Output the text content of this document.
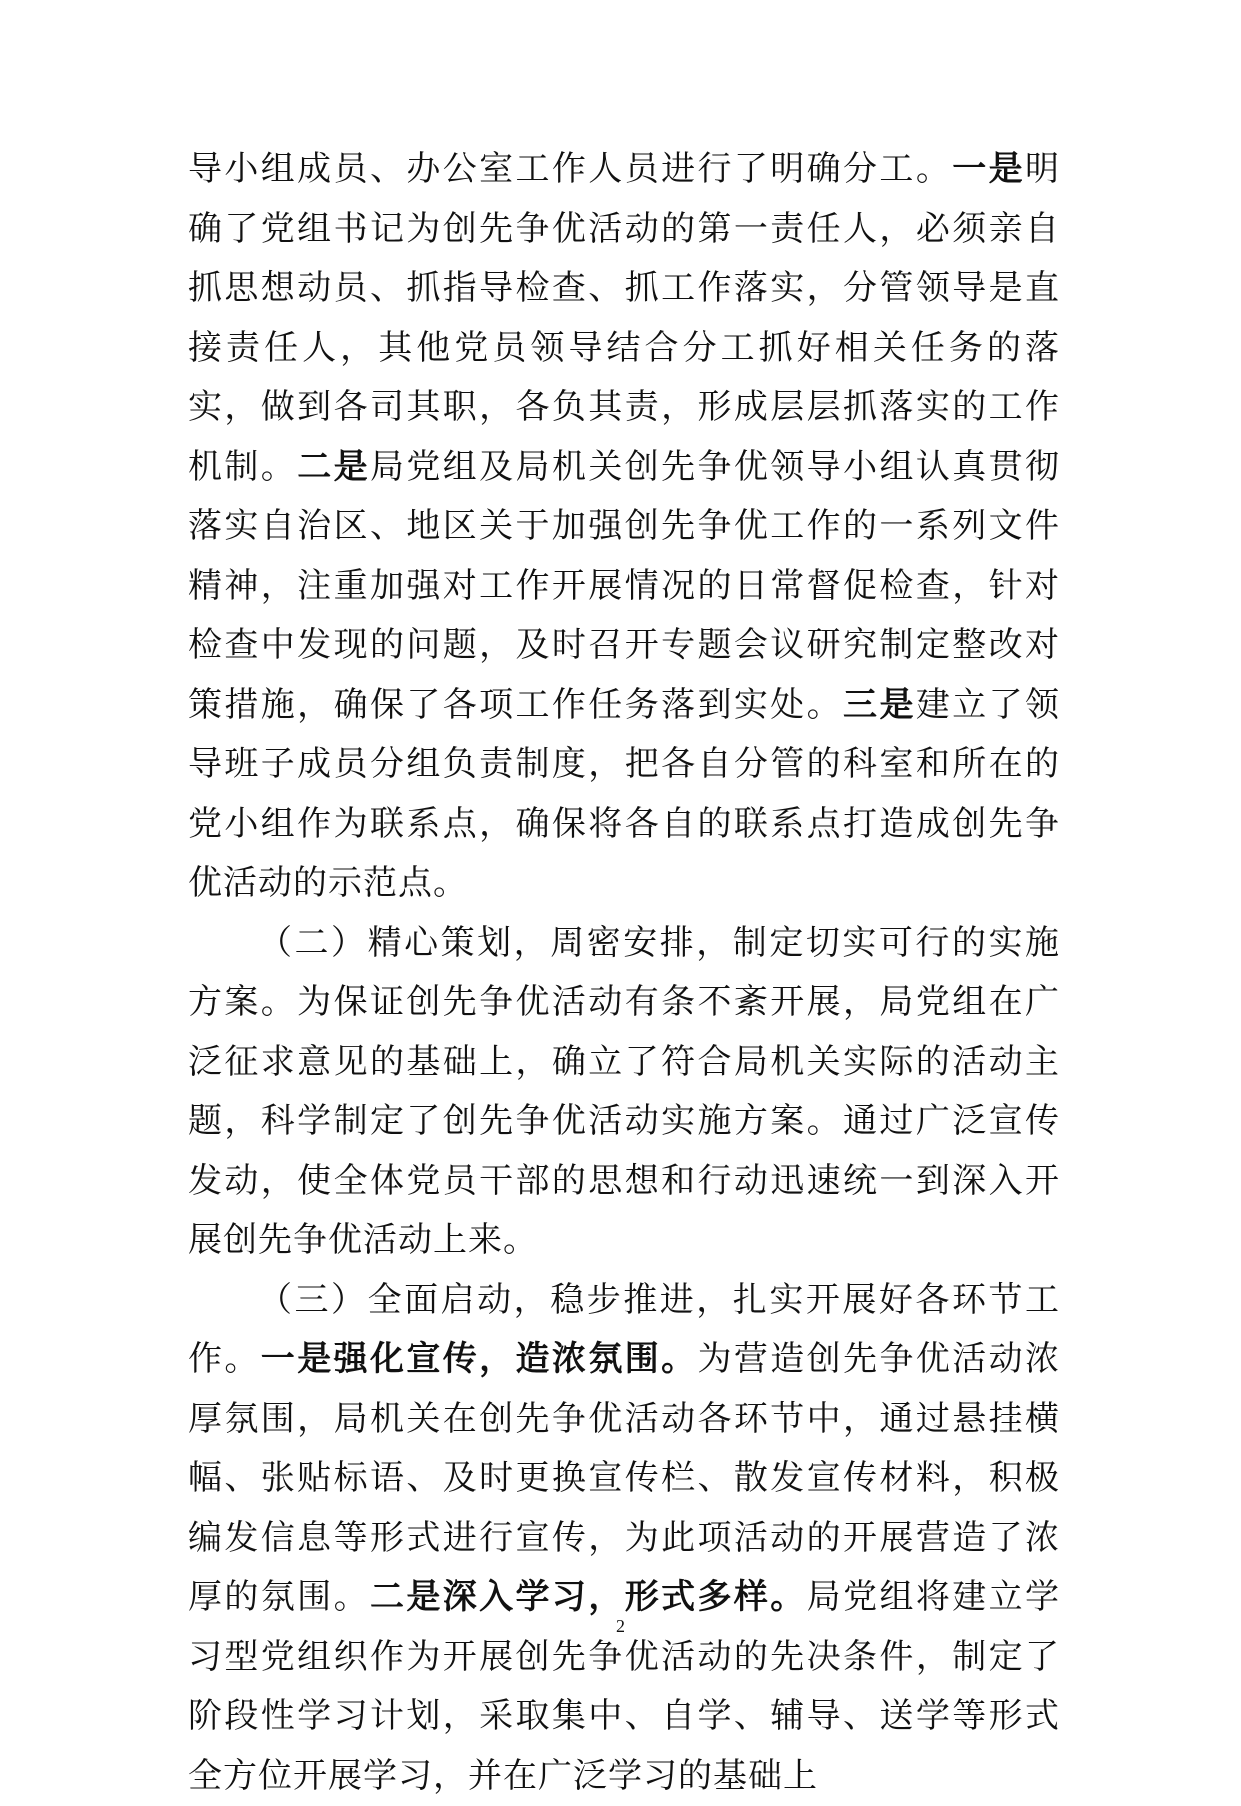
导小组成员、办公室工作人员进行了明确分工。一是明确了党组书记为创先争优活动的第一责任人，必须亲自抓思想动员、抓指导检查、抓工作落实，分管领导是直接责任人，其他党员领导结合分工抓好相关任务的落实，做到各司其职，各负其责，形成层层抓落实的工作机制。二是局党组及局机关创先争优领导小组认真贯彻落实自治区、地区关于加强创先争优工作的一系列文件精神，注重加强对工作开展情况的日常督促检查，针对检查中发现的问题，及时召开专题会议研究制定整改对策措施，确保了各项工作任务落到实处。三是建立了领导班子成员分组负责制度，把各自分管的科室和所在的党小组作为联系点，确保将各自的联系点打造成创先争优活动的示范点。

（二）精心策划，周密安排，制定切实可行的实施方案。为保证创先争优活动有条不紊开展，局党组在广泛征求意见的基础上，确立了符合局机关实际的活动主题，科学制定了创先争优活动实施方案。通过广泛宣传发动，使全体党员干部的思想和行动迅速统一到深入开展创先争优活动上来。

（三）全面启动，稳步推进，扎实开展好各环节工作。一是强化宣传，造浓氛围。为营造创先争优活动浓厚氛围，局机关在创先争优活动各环节中，通过悬挂横幅、张贴标语、及时更换宣传栏、散发宣传材料，积极编发信息等形式进行宣传，为此项活动的开展营造了浓厚的氛围。二是深入学习，形式多样。局党组将建立学习型党组织作为开展创先争优活动的先决条件，制定了阶段性学习计划，采取集中、自学、辅导、送学等形式全方位开展学习，并在广泛学习的基础上

2
